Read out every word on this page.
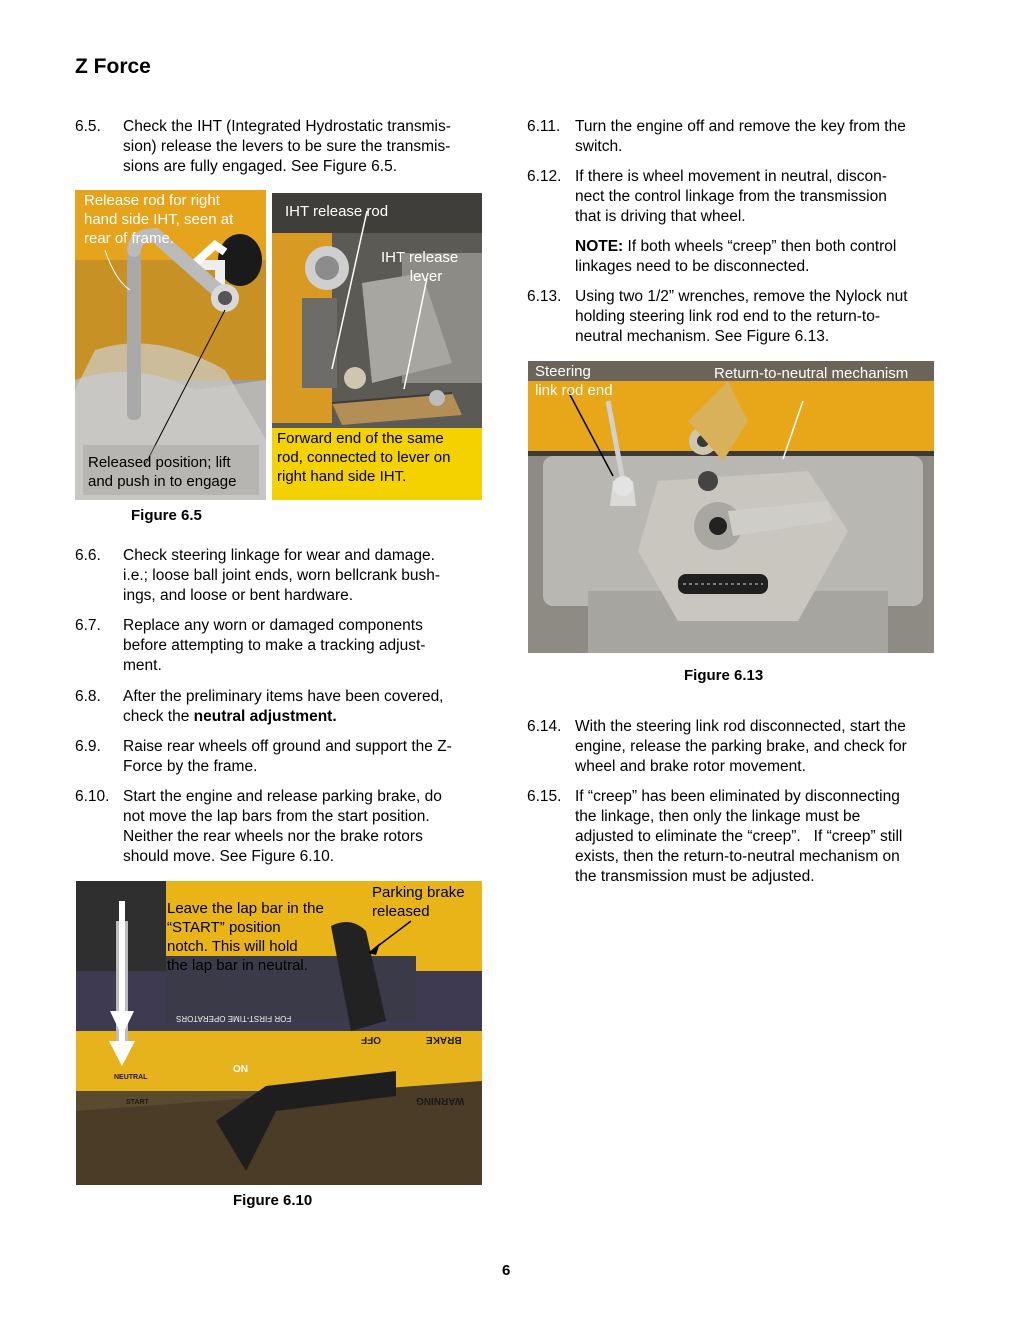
Z Force
6.5. Check the IHT (Integrated Hydrostatic transmis-
sion) release the levers to be sure the transmis-
sions are fully engaged. See Figure 6.5.
Release rod for right
hand side IHT, seen at
rear of frame.
Released position; lift
and push in to engage
IHT release rod
IHT release
lever
Forward end of the same
rod, connected to lever on
right hand side IHT.
Figure 6.5
6.6. Check steering linkage for wear and damage.
i.e.; loose ball joint ends, worn bellcrank bush-
ings, and loose or bent hardware.
6.7. Replace any worn or damaged components
before attempting to make a tracking adjust-
ment.
6.8. After the preliminary items have been covered,
check the neutral adjustment.
6.9. Raise rear wheels off ground and support the Z-
Force by the frame.
6.10. Start the engine and release parking brake, do
not move the lap bars from the start position.
Neither the rear wheels nor the brake rotors
should move. See Figure 6.10.
Leave the lap bar in the
“START” position
notch. This will hold
the lap bar in neutral.
Parking brake
released
FOR FIRST-TIME OPERATORS
BRAKE
OFF
ON
WARNING
NEUTRAL
START
Figure 6.10
6.11. Turn the engine off and remove the key from the
switch.
6.12. If there is wheel movement in neutral, discon-
nect the control linkage from the transmission
that is driving that wheel.
NOTE: If both wheels “creep” then both control
linkages need to be disconnected.
6.13. Using two 1/2” wrenches, remove the Nylock nut
holding steering link rod end to the return-to-
neutral mechanism. See Figure 6.13.
Steering
link rod end
Return-to-neutral mechanism
Figure 6.13
6.14. With the steering link rod disconnected, start the
engine, release the parking brake, and check for
wheel and brake rotor movement.
6.15. If “creep” has been eliminated by disconnecting
the linkage, then only the linkage must be
adjusted to eliminate the “creep”.   If “creep” still
exists, then the return-to-neutral mechanism on
the transmission must be adjusted.
6
